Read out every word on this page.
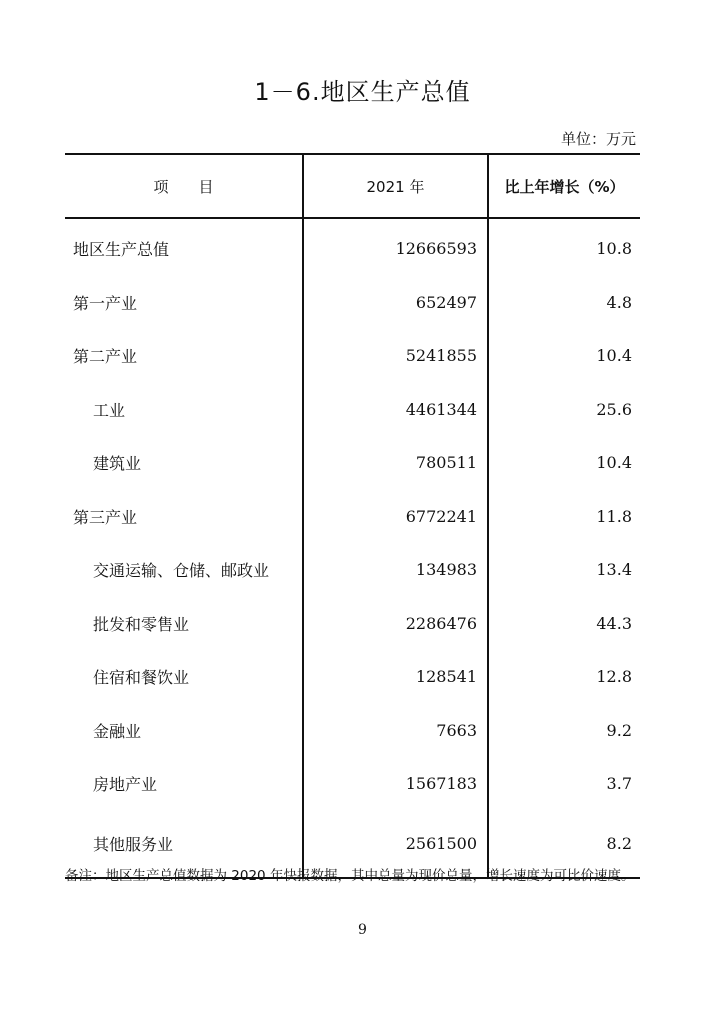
1－6.地区生产总值
单位：万元
项　　目	2021 年	比上年增长（%）
地区生产总值	12666593	10.8
第一产业	652497	4.8
第二产业	5241855	10.4
工业	4461344	25.6
建筑业	780511	10.4
第三产业	6772241	11.8
交通运输、仓储、邮政业	134983	13.4
批发和零售业	2286476	44.3
住宿和餐饮业	128541	12.8
金融业	7663	9.2
房地产业	1567183	3.7
其他服务业	2561500	8.2
备注：地区生产总值数据为 2020 年快报数据，其中总量为现价总量，增长速度为可比价速度。
9
